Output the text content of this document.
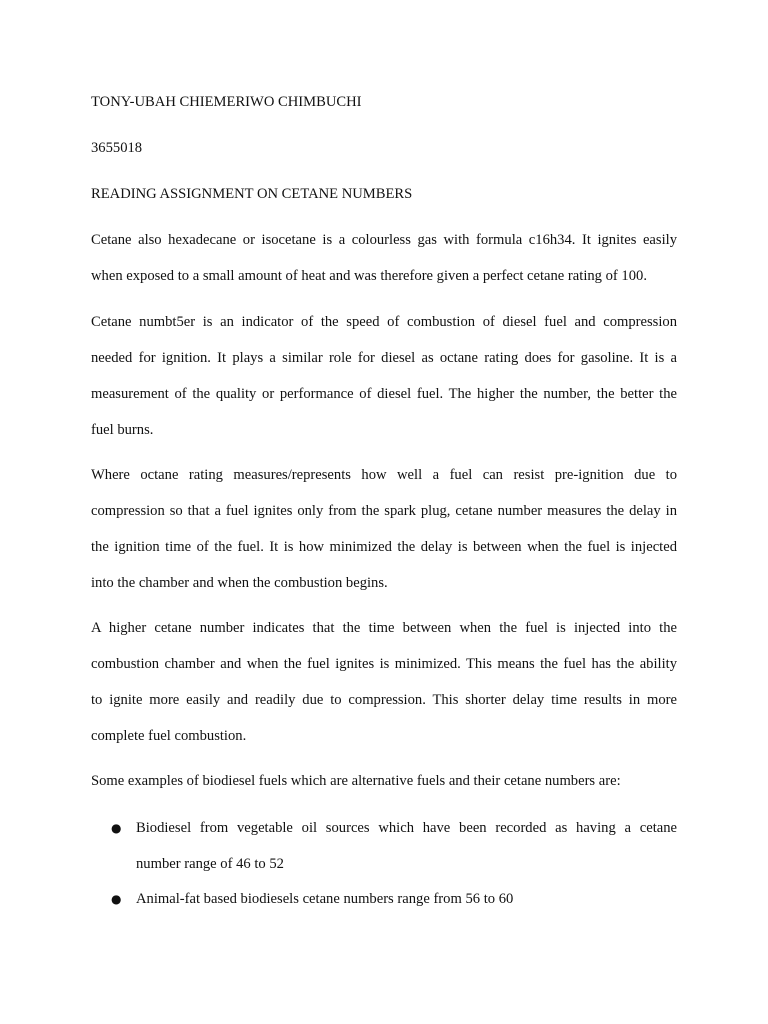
TONY-UBAH CHIEMERIWO CHIMBUCHI

3655018

READING ASSIGNMENT ON CETANE NUMBERS

Cetane also hexadecane or isocetane is a colourless gas with formula c16h34. It ignites easily
when exposed to a small amount of heat and was therefore given a perfect cetane rating of 100.

Cetane numbt5er is an indicator of the speed of combustion of diesel fuel and compression
needed for ignition. It plays a similar role for diesel as octane rating does for gasoline. It is a
measurement of the quality or performance of diesel fuel. The higher the number, the better the
fuel burns.

Where octane rating measures/represents how well a fuel can resist pre-ignition due to
compression so that a fuel ignites only from the spark plug, cetane number measures the delay in
the ignition time of the fuel. It is how minimized the delay is between when the fuel is injected
into the chamber and when the combustion begins.

A higher cetane number indicates that the time between when the fuel is injected into the
combustion chamber and when the fuel ignites is minimized. This means the fuel has the ability
to ignite more easily and readily due to compression. This shorter delay time results in more
complete fuel combustion.

Some examples of biodiesel fuels which are alternative fuels and their cetane numbers are:

● Biodiesel from vegetable oil sources which have been recorded as having a cetane
number range of 46 to 52

● Animal-fat based biodiesels cetane numbers range from 56 to 60
